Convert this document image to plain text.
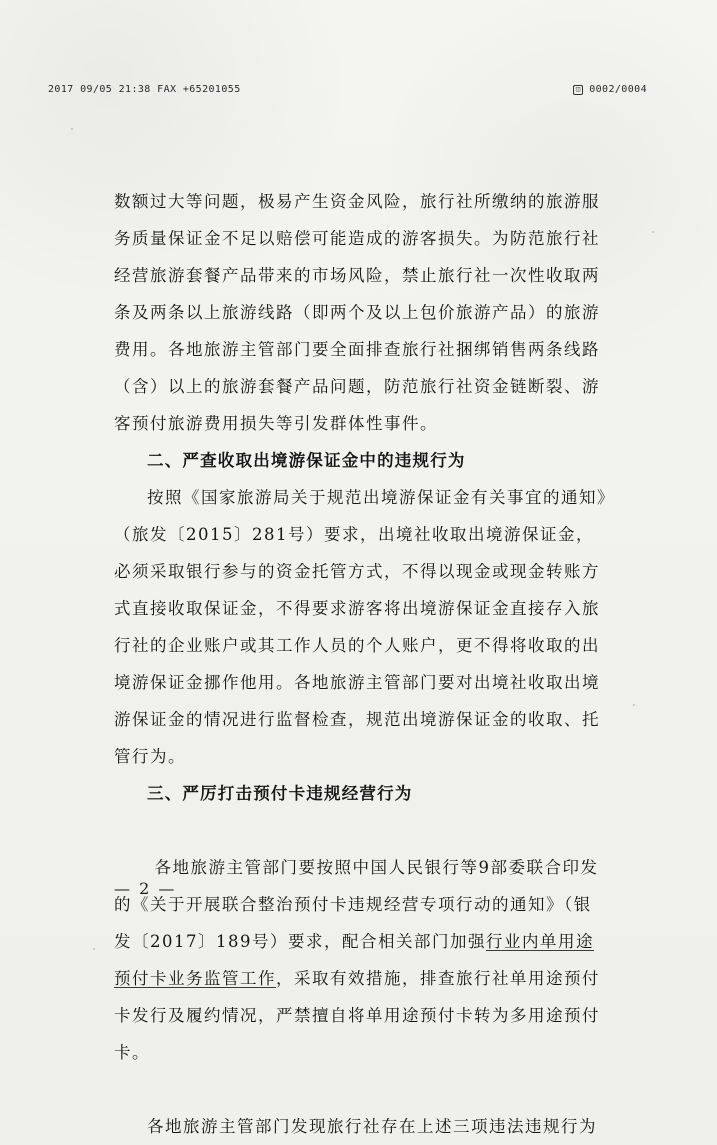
2017 09/05 21:38 FAX +65201055	◫ 0002/0004

数额过大等问题，极易产生资金风险，旅行社所缴纳的旅游服务质量保证金不足以赔偿可能造成的游客损失。为防范旅行社经营旅游套餐产品带来的市场风险，禁止旅行社一次性收取两条及两条以上旅游线路（即两个及以上包价旅游产品）的旅游费用。各地旅游主管部门要全面排查旅行社捆绑销售两条线路（含）以上的旅游套餐产品问题，防范旅行社资金链断裂、游客预付旅游费用损失等引发群体性事件。

二、严查收取出境游保证金中的违规行为

按照《国家旅游局关于规范出境游保证金有关事宜的通知》（旅发〔2015〕281号）要求，出境社收取出境游保证金，必须采取银行参与的资金托管方式，不得以现金或现金转账方式直接收取保证金，不得要求游客将出境游保证金直接存入旅行社的企业账户或其工作人员的个人账户，更不得将收取的出境游保证金挪作他用。各地旅游主管部门要对出境社收取出境游保证金的情况进行监督检查，规范出境游保证金的收取、托管行为。

三、严厉打击预付卡违规经营行为

各地旅游主管部门要按照中国人民银行等9部委联合印发的《关于开展联合整治预付卡违规经营专项行动的通知》（银发〔2017〕189号）要求，配合相关部门加强行业内单用途预付卡业务监管工作，采取有效措施，排查旅行社单用途预付卡发行及履约情况，严禁擅自将单用途预付卡转为多用途预付卡。

各地旅游主管部门发现旅行社存在上述三项违法违规行为

— 2 —
